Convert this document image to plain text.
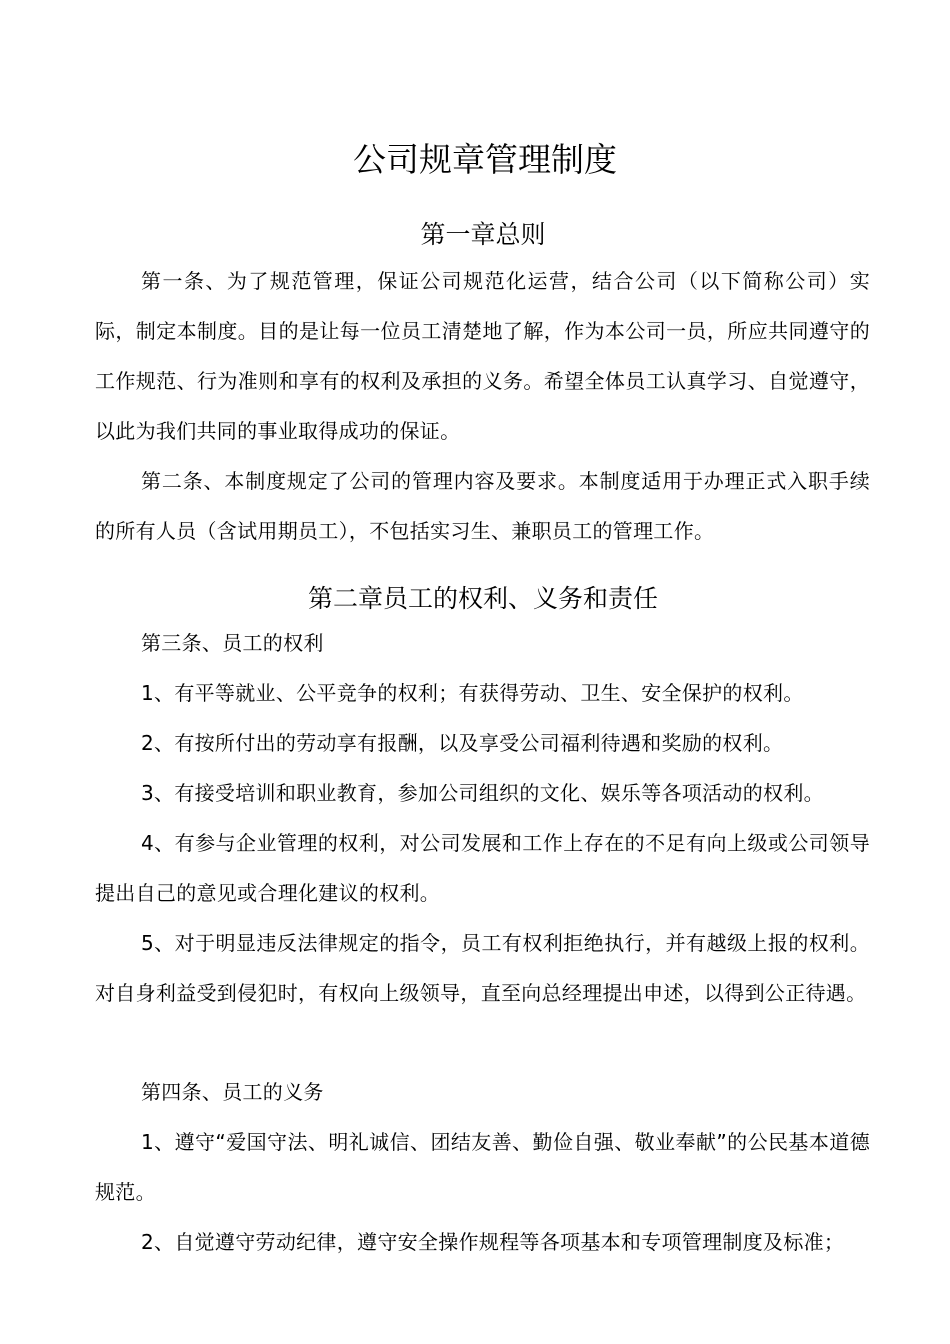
公司规章管理制度
第一章总则

第一条、为了规范管理，保证公司规范化运营，结合公司（以下简称公司）实际，制定本制度。目的是让每一位员工清楚地了解，作为本公司一员，所应共同遵守的工作规范、行为准则和享有的权利及承担的义务。希望全体员工认真学习、自觉遵守，以此为我们共同的事业取得成功的保证。

第二条、本制度规定了公司的管理内容及要求。本制度适用于办理正式入职手续的所有人员（含试用期员工），不包括实习生、兼职员工的管理工作。

第二章员工的权利、义务和责任

第三条、员工的权利

1、有平等就业、公平竞争的权利；有获得劳动、卫生、安全保护的权利。

2、有按所付出的劳动享有报酬，以及享受公司福利待遇和奖励的权利。

3、有接受培训和职业教育，参加公司组织的文化、娱乐等各项活动的权利。

4、有参与企业管理的权利，对公司发展和工作上存在的不足有向上级或公司领导提出自己的意见或合理化建议的权利。

5、对于明显违反法律规定的指令，员工有权利拒绝执行，并有越级上报的权利。对自身利益受到侵犯时，有权向上级领导，直至向总经理提出申述，以得到公正待遇。

第四条、员工的义务

1、遵守“爱国守法、明礼诚信、团结友善、勤俭自强、敬业奉献”的公民基本道德规范。

2、自觉遵守劳动纪律，遵守安全操作规程等各项基本和专项管理制度及标准；
